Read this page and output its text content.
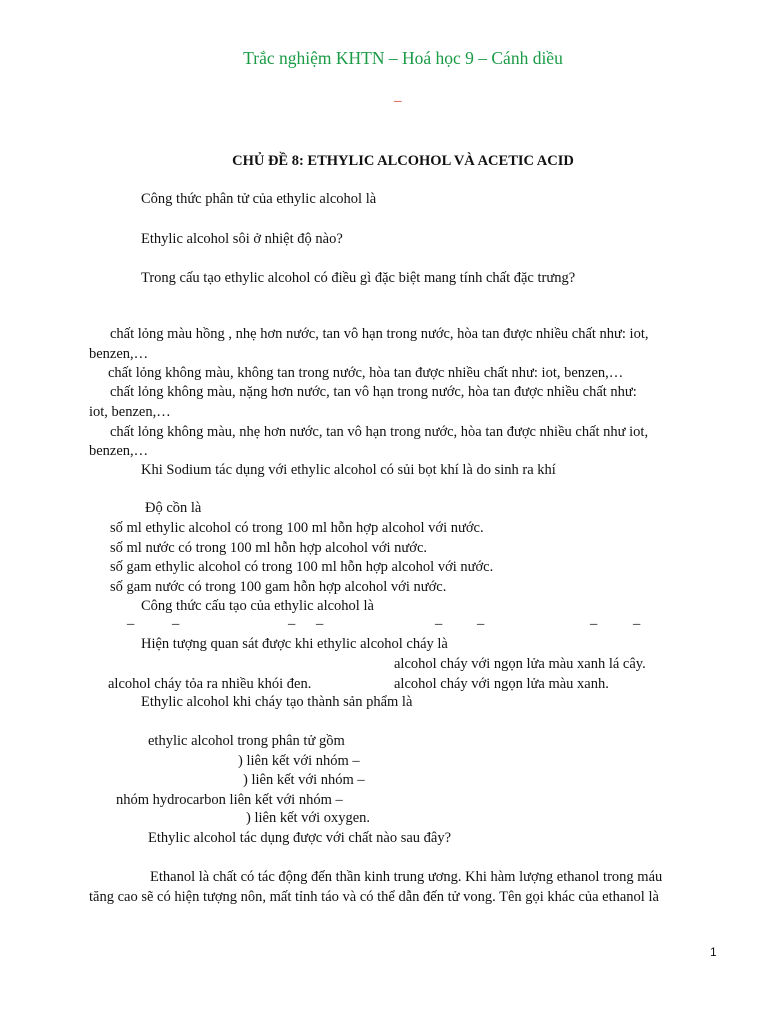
Trắc nghiệm KHTN – Hoá học 9 – Cánh diều
–
CHỦ ĐỀ 8: ETHYLIC ALCOHOL VÀ ACETIC ACID
Công thức phân tử của ethylic alcohol là
Ethylic alcohol sôi ở nhiệt độ nào?
Trong cấu tạo ethylic alcohol có điều gì đặc biệt mang tính chất đặc trưng?
chất lỏng màu hồng , nhẹ hơn nước, tan vô hạn trong nước, hòa tan được nhiều chất như: iot,
benzen,…
chất lỏng không màu, không tan trong nước, hòa tan được nhiều chất như: iot, benzen,…
chất lỏng không màu, nặng hơn nước, tan vô hạn trong nước, hòa tan được nhiều chất như:
iot, benzen,…
chất lỏng không màu, nhẹ hơn nước, tan vô hạn trong nước, hòa tan được nhiều chất như iot,
benzen,…
Khi Sodium tác dụng với ethylic alcohol có sủi bọt khí là do sinh ra khí
Độ cồn là
số ml ethylic alcohol có trong 100 ml hỗn hợp alcohol với nước.
số ml nước có trong 100 ml hỗn hợp alcohol với nước.
số gam ethylic alcohol có trong 100 ml hỗn hợp alcohol với nước.
số gam nước có trong 100 gam hỗn hợp alcohol với nước.
Công thức cấu tạo của ethylic alcohol là
–	–	– –	– –	– –
Hiện tượng quan sát được khi ethylic alcohol cháy là
alcohol cháy với ngọn lửa màu xanh lá cây.
alcohol cháy tỏa ra nhiều khói đen.	alcohol cháy với ngọn lửa màu xanh.
Ethylic alcohol khi cháy tạo thành sản phẩm là
ethylic alcohol trong phân tử gồm
) liên kết với nhóm –
) liên kết với nhóm –
nhóm hydrocarbon liên kết với nhóm –
) liên kết với oxygen.
Ethylic alcohol tác dụng được với chất nào sau đây?
Ethanol là chất có tác động đến thần kinh trung ương. Khi hàm lượng ethanol trong máu
tăng cao sẽ có hiện tượng nôn, mất tỉnh táo và có thể dẫn đến tử vong. Tên gọi khác của ethanol là
1
